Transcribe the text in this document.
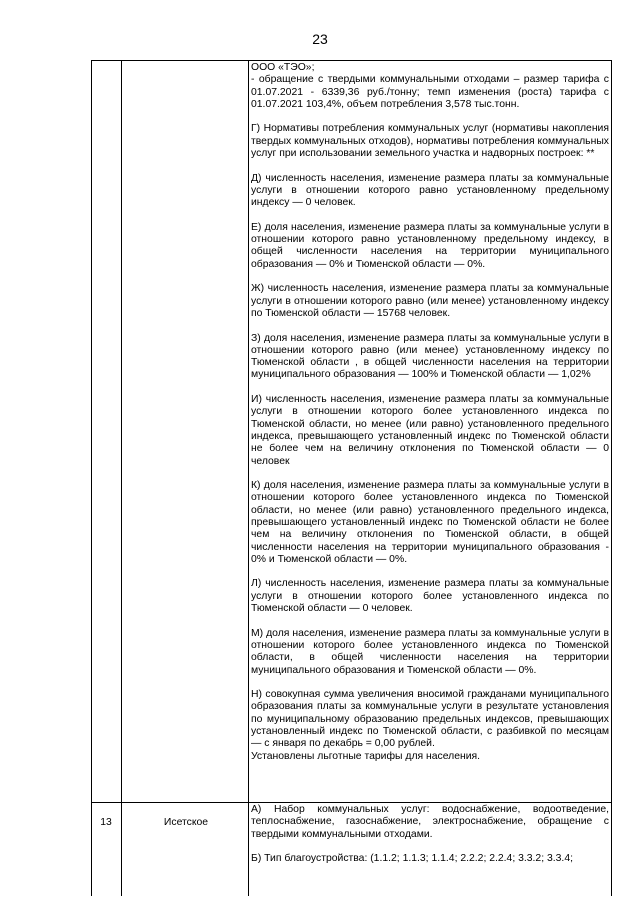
23

ООО «ТЭО»;

- обращение с твердыми коммунальными отходами – размер тарифа с 01.07.2021 - 6339,36 руб./тонну; темп изменения (роста) тарифа с 01.07.2021 103,4%, объем потребления 3,578 тыс.тонн.

Г) Нормативы потребления коммунальных услуг (нормативы накопления твердых коммунальных отходов), нормативы потребления коммунальных услуг при использовании земельного участка и надворных построек: **

Д) численность населения, изменение размера платы за коммунальные услуги в отношении которого равно установленному предельному индексу — 0 человек.

Е) доля населения, изменение размера платы за коммунальные услуги в отношении которого равно установленному предельному индексу, в общей численности населения на территории муниципального образования — 0% и Тюменской области — 0%.

Ж) численность населения, изменение размера платы за коммунальные услуги в отношении которого равно (или менее) установленному индексу по Тюменской области — 15768 человек.

З) доля населения, изменение размера платы за коммунальные услуги в отношении которого равно (или менее) установленному индексу по Тюменской области , в общей численности населения на территории муниципального образования — 100% и Тюменской области — 1,02%

И) численность населения, изменение размера платы за коммунальные услуги в отношении которого более установленного индекса по Тюменской области, но менее (или равно) установленного предельного индекса, превышающего установленный индекс по Тюменской области не более чем на величину отклонения по Тюменской области — 0 человек

К) доля населения, изменение размера платы за коммунальные услуги в отношении которого более установленного индекса по Тюменской области, но менее (или равно) установленного предельного индекса, превышающего установленный индекс по Тюменской области не более чем на величину отклонения по Тюменской области, в общей численности населения на территории муниципального образования - 0% и Тюменской области — 0%.

Л) численность населения, изменение размера платы за коммунальные услуги в отношении которого более установленного индекса по Тюменской области — 0 человек.

М) доля населения, изменение размера платы за коммунальные услуги в отношении которого более установленного индекса по Тюменской области, в общей численности населения на территории муниципального образования и Тюменской области — 0%.

Н) совокупная сумма увеличения вносимой гражданами муниципального образования платы за коммунальные услуги в результате установления по муниципальному образованию предельных индексов, превышающих установленный индекс по Тюменской области, с разбивкой по месяцам — с января по декабрь = 0,00 рублей.

Установлены льготные тарифы для населения.

13	Исетское

А) Набор коммунальных услуг: водоснабжение, водоотведение, теплоснабжение, газоснабжение, электроснабжение, обращение с твердыми коммунальными отходами.

Б) Тип благоустройства: (1.1.2; 1.1.3; 1.1.4; 2.2.2; 2.2.4; 3.3.2; 3.3.4;
